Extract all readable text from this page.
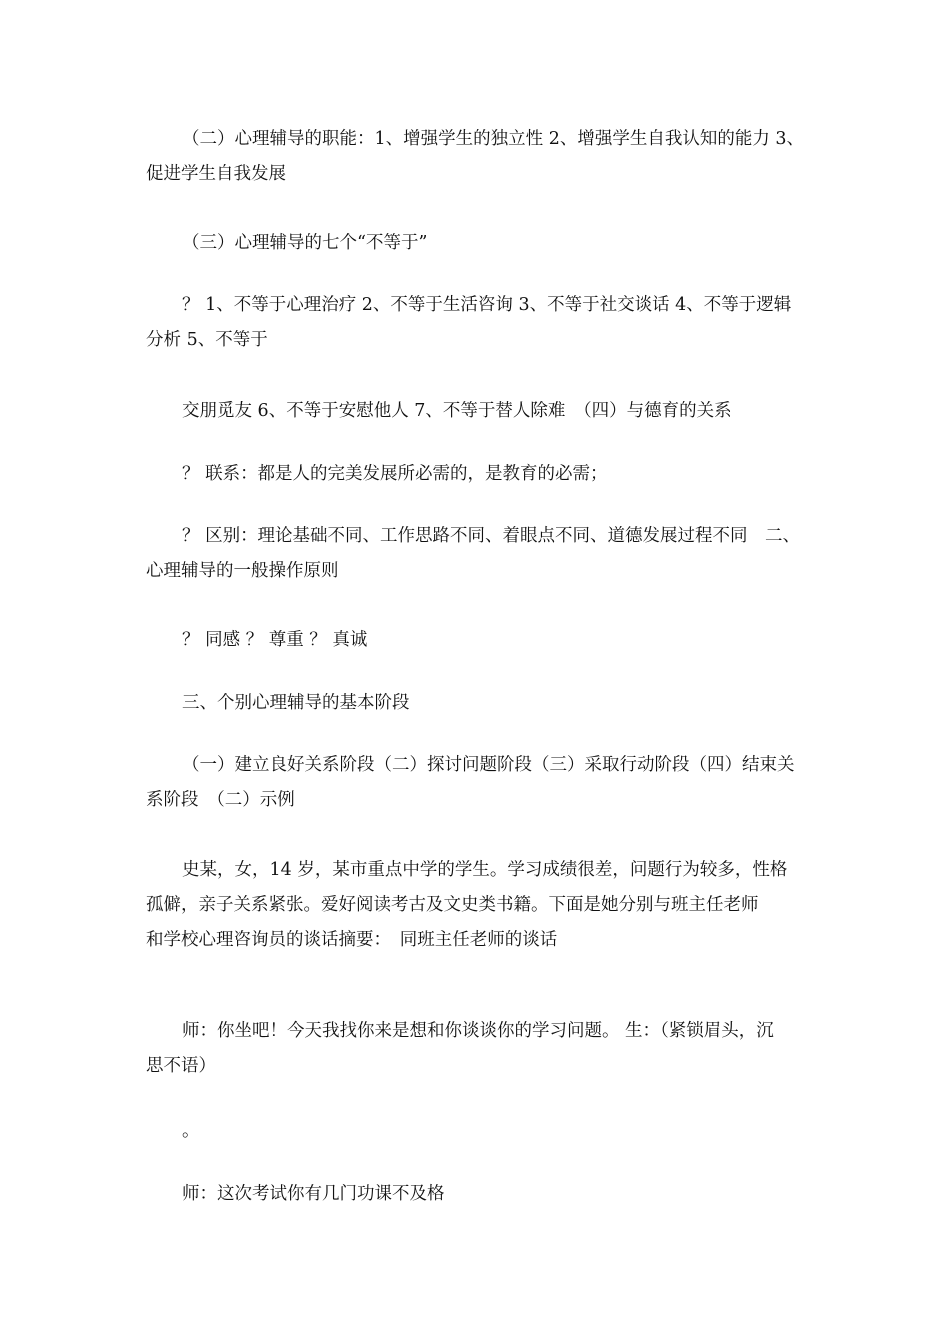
（二）心理辅导的职能：1、增强学生的独立性 2、增强学生自我认知的能力 3、
促进学生自我发展
（三）心理辅导的七个“不等于”
？ 1、不等于心理治疗 2、不等于生活咨询 3、不等于社交谈话 4、不等于逻辑
分析 5、不等于
交朋觅友 6、不等于安慰他人 7、不等于替人除难　（四）与德育的关系
？ 联系：都是人的完美发展所必需的，是教育的必需；
？ 区别：理论基础不同、工作思路不同、着眼点不同、道德发展过程不同　二、
心理辅导的一般操作原则
？ 同感 ？ 尊重 ？ 真诚
三、个别心理辅导的基本阶段
（一）建立良好关系阶段（二）探讨问题阶段（三）采取行动阶段（四）结束关
系阶段　（二）示例
史某，女，14 岁，某市重点中学的学生。学习成绩很差，问题行为较多，性格
孤僻，亲子关系紧张。爱好阅读考古及文史类书籍。下面是她分别与班主任老师
和学校心理咨询员的谈话摘要：　同班主任老师的谈话
师：你坐吧！今天我找你来是想和你谈谈你的学习问题。 生：（紧锁眉头，沉
思不语）
。
师：这次考试你有几门功课不及格
